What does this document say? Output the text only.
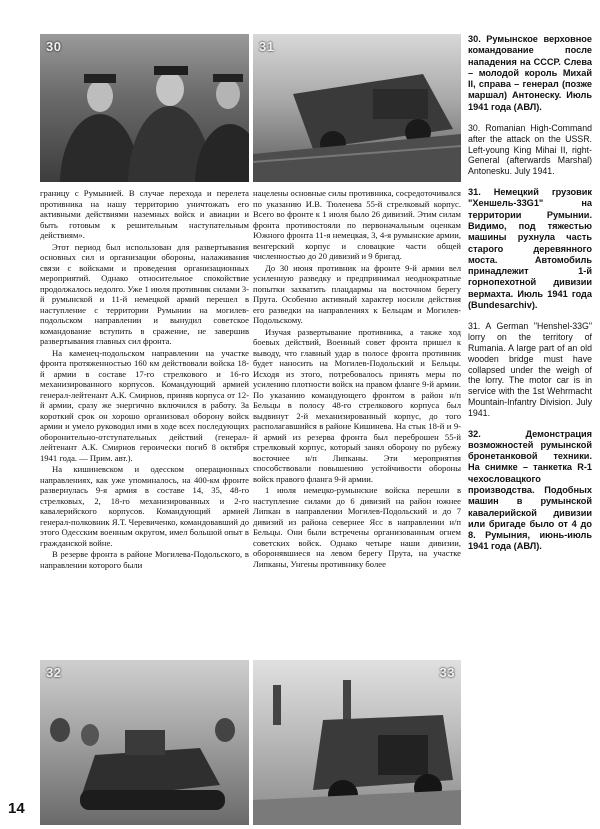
30	31

границу с Румынией. В случае перехода и перелета противника на нашу территорию уничтожать его активными действиями наземных войск и авиации и быть готовым к решительным наступательным действиям».

Этот период был использован для развертывания основных сил и организации обороны, налаживания связи с войсками и проведения организационных мероприятий. Однако относительное спокойствие продолжалось недолго. Уже 1 июля противник силами 3-й румынской и 11-й немецкой армий перешел в наступление с территории Румынии на могилев-подольском направлении и вынудил советское командование вступить в сражение, не завершив развертывания главных сил фронта.

На каменец-подольском направлении на участке фронта протяженностью 160 км действовали войска 18-й армии в составе 17-го стрелкового и 16-го механизированного корпусов. Командующий армией генерал-лейтенант А.К. Смирнов, приняв корпуса от 12-й армии, сразу же энергично включился в работу. За короткий срок он хорошо организовал оборону войск армии и умело руководил ими в ходе всех последующих оборонительно-отступательных действий (генерал-лейтенант А.К. Смирнов героически погиб 8 октября 1941 года. — Прим. авт.).

На кишиневском и одесском операционных направлениях, как уже упоминалось, на 400-км фронте развернулась 9-я армия в составе 14, 35, 48-го стрелковых, 2, 18-го механизированных и 2-го кавалерийского корпусов. Командующий армией генерал-полковник Я.Т. Черевиченко, командовавший до этого Одесским военным округом, имел большой опыт в гражданской войне.

В резерве фронта в районе Могилева-Подольского, в направлении которого были

нацелены основные силы противника, сосредоточивался по указанию И.В. Тюленева 55-й стрелковый корпус. Всего во фронте к 1 июля было 26 дивизий. Этим силам фронта противостояли по первоначальным оценкам Южного фронта 11-я немецкая, 3, 4-я румынские армии, венгерский корпус и словацкие части общей численностью до 20 дивизий и 9 бригад.

До 30 июня противник на фронте 9-й армии вел усиленную разведку и предпринимал неоднократные попытки захватить плацдармы на восточном берегу Прута. Особенно активный характер носили действия его разведки на направлениях к Бельцам и Могилев-Подольскому.

Изучая развертывание противника, а также ход боевых действий, Военный совет фронта пришел к выводу, что главный удар в полосе фронта противник будет наносить на Могилев-Подольский и Бельцы. Исходя из этого, потребовалось принять меры по усилению плотности войск на правом фланге 9-й армии. По указанию командующего фронтом в район н/п Бельцы в полосу 48-го стрелкового корпуса был выдвинут 2-й механизированный корпус, до того располагавшийся в районе Кишинева. На стык 18-й и 9-й армий из резерва фронта был переброшен 55-й стрелковый корпус, который занял оборону по рубежу восточнее н/п Липканы. Эти мероприятия способствовали повышению устойчивости обороны войск правого фланга 9-й армии.

1 июля немецко-румынские войска перешли в наступление силами до 6 дивизий на район южнее Липкан в направлении Могилев-Подольский и до 7 дивизий из района севернее Ясс в направлении н/п Бельцы. Они были встречены организованным огнем советских войск. Однако четыре наши дивизии, оборонявшиеся на левом берегу Прута, на участке Липканы, Унгены противнику более

32	33

30. Румынское верховное командование после нападения на СССР. Слева – молодой король Михай II, справа – генерал (позже маршал) Антонеску. Июль 1941 года (АВЛ).

30. Romanian High-Command after the attack on the USSR. Left-young King Mihai II, right- General (afterwards Marshal) Antonesku. July 1941.

31. Немецкий грузовик "Хеншель-33G1" на территории Румынии. Видимо, под тяжестью машины рухнула часть старого деревянного моста. Автомобиль принадлежит 1-й горнопехотной дивизии вермахта. Июль 1941 года (Bundesarchiv).

31. A German "Henshel-33G" lorry on the territory of Rumania. A large part of an old wooden bridge must have collapsed under the weigh of the lorry. The motor car is in service with the 1st Wehrmacht Mountain-Infantry Division. July 1941.

32. Демонстрация возможностей румынской бронетанковой техники. На снимке – танкетка R-1 чехословацкого производства. Подобных машин в румынской кавалерийской дивизии или бригаде было от 4 до 8. Румыния, июнь-июль 1941 года (АВЛ).

14
